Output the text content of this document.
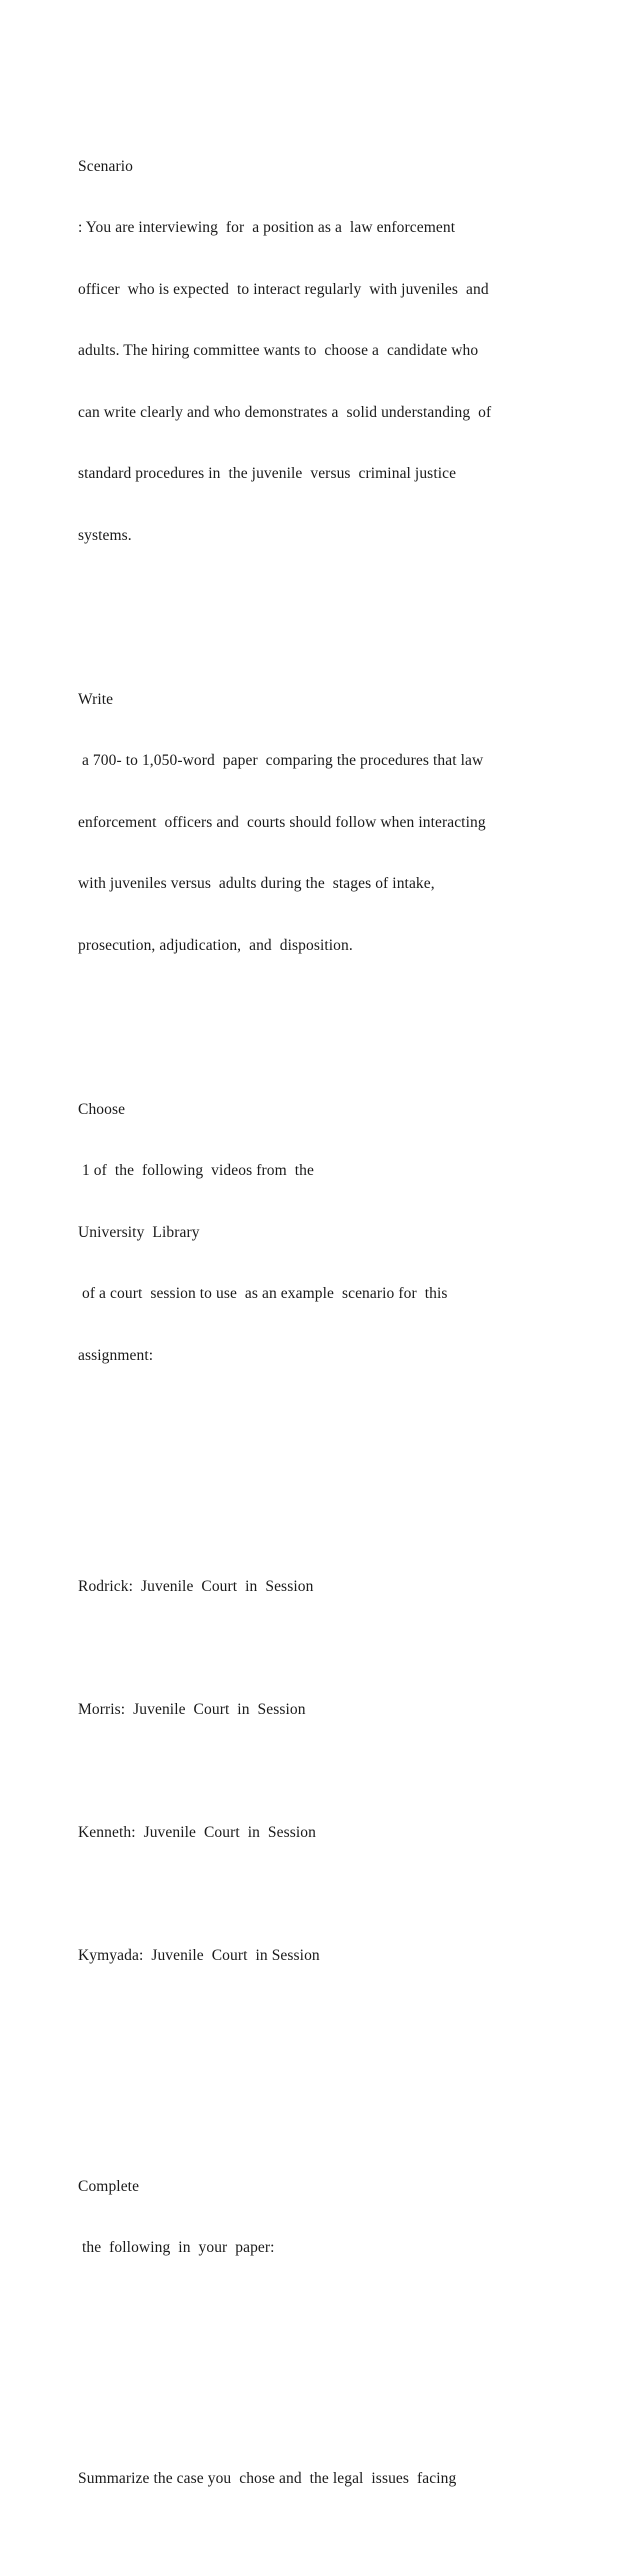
Scenario

: You are interviewing  for  a position as a  law enforcement

officer  who is expected  to interact regularly  with juveniles  and

adults. The hiring committee wants to  choose a  candidate who

can write clearly and who demonstrates a  solid understanding  of

standard procedures in  the juvenile  versus  criminal justice

systems.

Write

a 700- to 1,050-word  paper  comparing the procedures that law

enforcement  officers and  courts should follow when interacting

with juveniles versus  adults during the  stages of intake,

prosecution, adjudication,  and  disposition.

Choose

1 of  the  following  videos from  the

University  Library

of a court  session to use  as an example  scenario for  this

assignment:

Rodrick:  Juvenile  Court  in  Session

Morris:  Juvenile  Court  in  Session

Kenneth:  Juvenile  Court  in  Session

Kymyada:  Juvenile  Court  in Session

Complete

the  following  in  your  paper:

Summarize the case you  chose and  the legal  issues  facing
